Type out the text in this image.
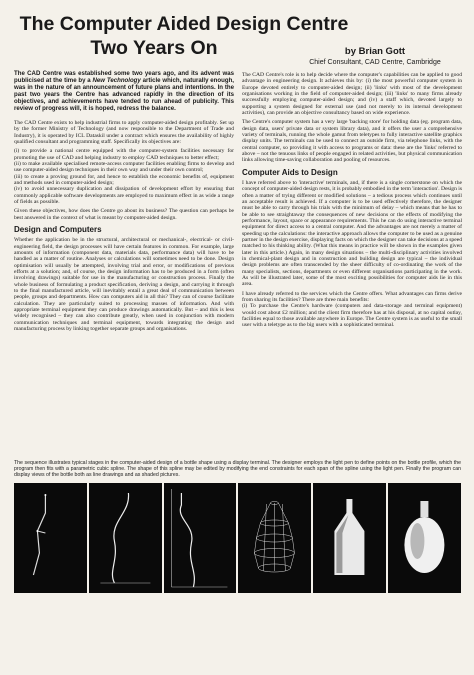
The Computer Aided Design Centre
Two Years On	by Brian Gott
Chief Consultant, CAD Centre, Cambridge

The CAD Centre was established some two years ago, and its advent was publicised at the time by a New Technology article which, naturally enough, was in the nature of an announcement of future plans and intentions. In the past two years the Centre has advanced rapidly in the direction of its objectives, and achievements have tended to run ahead of publicity. This review of progress will, it is hoped, redress the balance.

The CAD Centre exists to help industrial firms to apply computer-aided design profitably. Set up by the former Ministry of Technology (and now responsible to the Department of Trade and Industry), it is operated by ICL Dataskil under a contract which ensures the availability of highly qualified consultant and programming staff. Specifically its objectives are:

(i) to provide a national centre equipped with the computer-system facilities necessary for promoting the use of CAD and helping industry to employ CAD techniques to better effect;

(ii) to make available specialised remote-access computer facilities enabling firms to develop and use computer-aided design techniques in their own way and under their own control;

(iii) to create a proving ground for, and hence to establish the economic benefits of, equipment and methods used in computer-aided design;

(iv) to avoid unnecessary duplication and dissipation of development effort by ensuring that commonly applicable software developments are employed to maximum effect in as wide a range of fields as possible.

Given these objectives, how does the Centre go about its business? The question can perhaps be best answered in the context of what is meant by computer-aided design.

Design and Computers

Whether the application be in the structural, architectural or mechanical-, electrical- or civil-engineering field, the design processes will have certain features in common. For example, large amounts of information (component data, materials data, performance data) will have to be handled as a matter of routine. Analyses or calculations will sometimes need to be done. Design optimisation will usually be attempted, involving trial and error, or modifications of previous efforts at a solution; and, of course, the design information has to be produced in a form (often involving drawings) suitable for use in the manufacturing or construction process. Finally the whole business of formulating a product specification, deriving a design, and carrying it through to the final manufactured article, will inevitably entail a great deal of communication between people, groups and departments. How can computers aid in all this? They can of course facilitate calculation. They are particularly suited to processing masses of information. And with appropriate terminal equipment they can produce drawings automatically. But – and this is less widely recognised – they can also contribute greatly, when used in conjunction with modern communication techniques and terminal equipment, towards integrating the design and manufacturing process by linking together separate groups and organisations.

The CAD Centre's role is to help decide where the computer's capabilities can be applied to good advantage in engineering design. It achieves this by: (i) the most powerful computer system in Europe devoted entirely to computer-aided design; (ii) 'links' with most of the development organisations working in the field of computer-aided design; (iii) 'links' to many firms already successfully employing computer-aided design; and (iv) a staff which, devoted largely to supporting a system designed for external use (and not merely to its internal development activities), can provide an objective consultancy based on wide experience.

The Centre's computer system has a very large 'backing store' for holding data (eg. program data, design data, users' private data or system library data), and it offers the user a comprehensive variety of terminals, running the whole gamut from teletypes to fully interactive satellite graphics display units. The terminals can be used to connect an outside firm, via telephone links, with the central computer, so providing it with access to programs or data: these are the 'links' referred to above – not the tenuous links of people engaged in related activities, but physical communication links allowing time-saving collaboration and pooling of resources.

Computer Aids to Design

I have referred above to 'interactive' terminals, and, if there is a single cornerstone on which the concept of computer-aided design rests, it is probably embodied in the term 'interaction'. Design is often a matter of trying different or modified solutions – a tedious process which continues until an acceptable result is achieved. If a computer is to be used effectively therefore, the designer must be able to carry through his trials with the minimum of delay – which means that he has to be able to see straightaway the consequences of new decisions or the effects of modifying the performance, layout, space or appearance requirements. This he can do using interactive terminal equipment for direct access to a central computer. And the advantages are not merely a matter of speeding up the calculations: the interactive approach allows the computer to be used as a genuine partner in the design exercise, displaying facts on which the designer can take decisions at a speed matched to his thinking ability. (What this means in practice will be shown in the examples given later in this article.) Again, in many design situations – the multi-disciplinary activities involved in chemical-plant design and in construction and building design are typical – the individual design problems are often transcended by the sheer difficulty of co-ordinating the work of the many specialists, sections, departments or even different organisations participating in the work. As will be illustrated later, some of the most exciting possibilities for computer aids lie in this area.

I have already referred to the services which the Centre offers. What advantages can firms derive from sharing its facilities? There are three main benefits:

(i) To purchase the Centre's hardware (computers and data-storage and terminal equipment) would cost about £2 million; and the client firm therefore has at his disposal, at no capital outlay, facilities equal to those available anywhere in Europe. The Centre system is as useful to the small user with a teletype as to the big users with a sophisticated terminal.

The sequence illustrates typical stages in the computer-aided design of a bottle shape using a display terminal. The designer employs the light pen to define points on the bottle profile, which the program then fits with a parametric cubic spline. The shape of this spline may be edited by modifying the end constraints for each span of the spline using the light pen. Finally the program can display views of the bottle both as line drawings and as shaded pictures.
